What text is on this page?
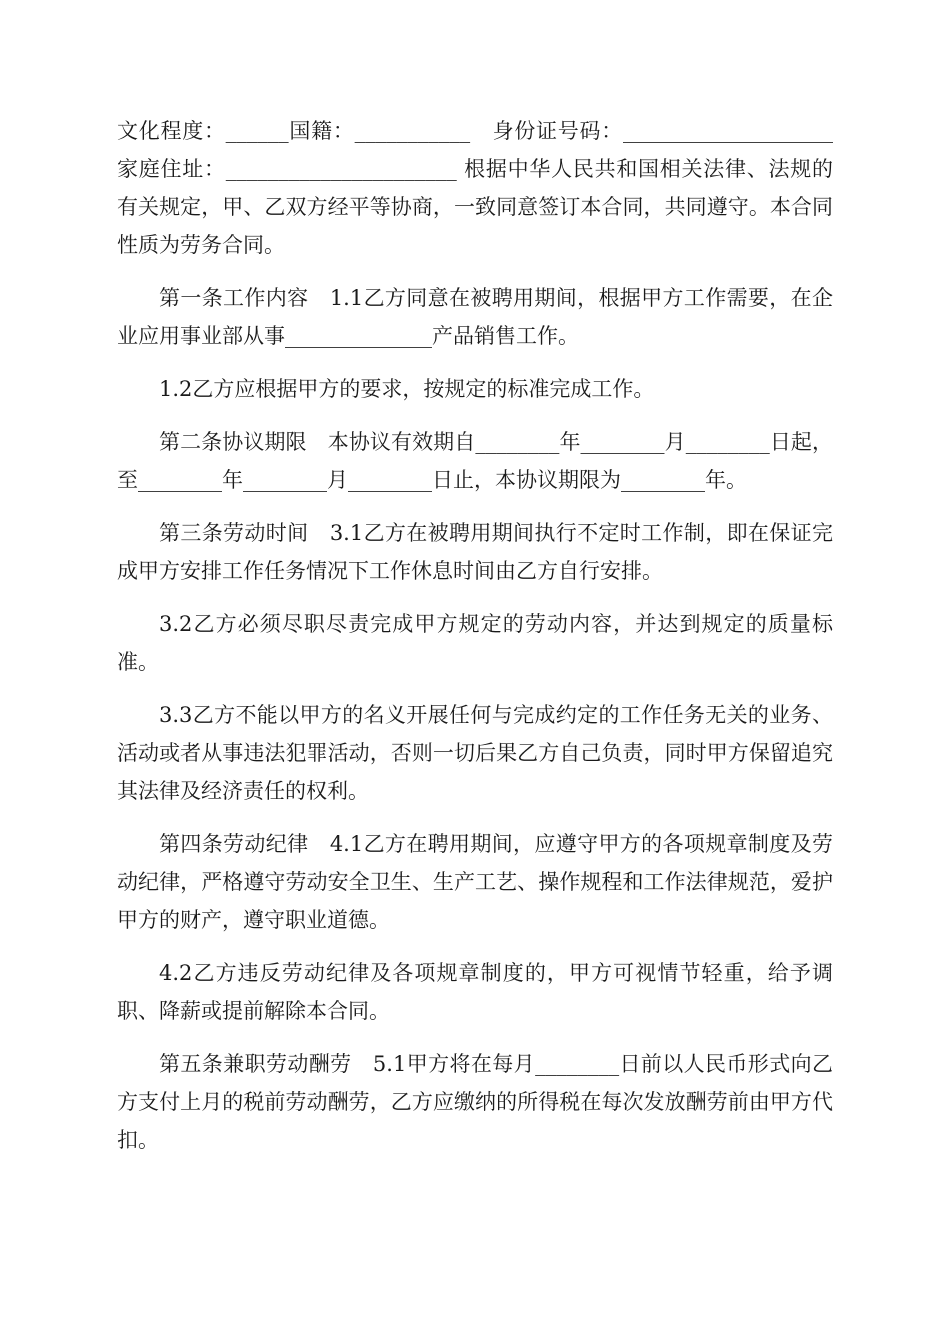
文化程度：______国籍：___________　身份证号码：____________________ 家庭住址：______________________ 根据中华人民共和国相关法律、法规的有关规定，甲、乙双方经平等协商，一致同意签订本合同，共同遵守。本合同性质为劳务合同。

第一条工作内容　1.1乙方同意在被聘用期间，根据甲方工作需要，在企业应用事业部从事______________产品销售工作。

1.2乙方应根据甲方的要求，按规定的标准完成工作。

第二条协议期限　本协议有效期自________年________月________日起，至________年________月________日止，本协议期限为________年。

第三条劳动时间　3.1乙方在被聘用期间执行不定时工作制，即在保证完成甲方安排工作任务情况下工作休息时间由乙方自行安排。

3.2乙方必须尽职尽责完成甲方规定的劳动内容，并达到规定的质量标准。

3.3乙方不能以甲方的名义开展任何与完成约定的工作任务无关的业务、活动或者从事违法犯罪活动，否则一切后果乙方自己负责，同时甲方保留追究其法律及经济责任的权利。

第四条劳动纪律　4.1乙方在聘用期间，应遵守甲方的各项规章制度及劳动纪律，严格遵守劳动安全卫生、生产工艺、操作规程和工作法律规范，爱护甲方的财产，遵守职业道德。

4.2乙方违反劳动纪律及各项规章制度的，甲方可视情节轻重，给予调职、降薪或提前解除本合同。

第五条兼职劳动酬劳　5.1甲方将在每月________日前以人民币形式向乙方支付上月的税前劳动酬劳，乙方应缴纳的所得税在每次发放酬劳前由甲方代扣。
